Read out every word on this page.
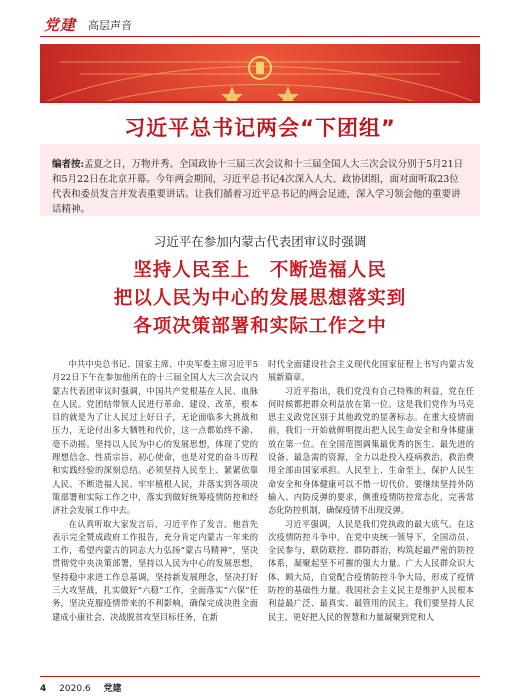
党建 高层声音
习近平总书记两会“下团组”
编者按:孟夏之日，万物并秀。全国政协十三届三次会议和十三届全国人大三次会议分别于5月21日和5月22日在北京开幕。今年两会期间，习近平总书记4次深入人大、政协团组，面对面听取23位代表和委员发言并发表重要讲话。让我们循着习近平总书记的两会足迹，深入学习领会他的重要讲话精神。
习近平在参加内蒙古代表团审议时强调
坚持人民至上　不断造福人民
把以人民为中心的发展思想落实到
各项决策部署和实际工作之中

中共中央总书记、国家主席、中央军委主席习近平5月22日下午在参加他所在的十三届全国人大三次会议内蒙古代表团审议时强调，中国共产党根基在人民、血脉在人民。党团结带领人民进行革命、建设、改革，根本目的就是为了让人民过上好日子，无论面临多大挑战和压力，无论付出多大牺牲和代价，这一点都始终不渝、毫不动摇。坚持以人民为中心的发展思想，体现了党的理想信念、性质宗旨、初心使命，也是对党的奋斗历程和实践经验的深刻总结。必须坚持人民至上、紧紧依靠人民、不断造福人民、牢牢植根人民，并落实到各项决策部署和实际工作之中，落实到做好统筹疫情防控和经济社会发展工作中去。

在认真听取大家发言后，习近平作了发言。他首先表示完全赞成政府工作报告，充分肯定内蒙古一年来的工作，希望内蒙古的同志大力弘扬“蒙古马精神”，坚决贯彻党中央决策部署，坚持以人民为中心的发展思想，坚持稳中求进工作总基调，坚持新发展理念，坚决打好三大攻坚战，扎实做好“六稳”工作，全面落实“六保”任务，坚决克服疫情带来的不利影响，确保完成决胜全面建成小康社会、决战脱贫攻坚目标任务，在新

时代全面建设社会主义现代化国家征程上书写内蒙古发展新篇章。

习近平指出，我们党没有自己特殊的利益，党在任何时候都把群众利益放在第一位。这是我们党作为马克思主义政党区别于其他政党的显著标志。在重大疫情面前，我们一开始就鲜明提出把人民生命安全和身体健康放在第一位。在全国范围调集最优秀的医生、最先进的设备、最急需的资源，全力以赴投入疫病救治，救治费用全部由国家承担。人民至上、生命至上，保护人民生命安全和身体健康可以不惜一切代价。要继续坚持外防输入、内防反弹的要求，侧重疫情防控常态化，完善常态化防控机制，确保疫情不出现反弹。

习近平强调，人民是我们党执政的最大底气。在这次疫情防控斗争中，在党中央统一领导下，全国动员、全民参与，联防联控、群防群治，构筑起最严密的防控体系，凝聚起坚不可摧的强大力量。广大人民群众识大体、顾大局，自觉配合疫情防控斗争大局，形成了疫情防控的基础性力量。我国社会主义民主是维护人民根本利益最广泛、最真实、最管用的民主。我们要坚持人民民主，更好把人民的智慧和力量凝聚到党和人

4 2020.6 党建
